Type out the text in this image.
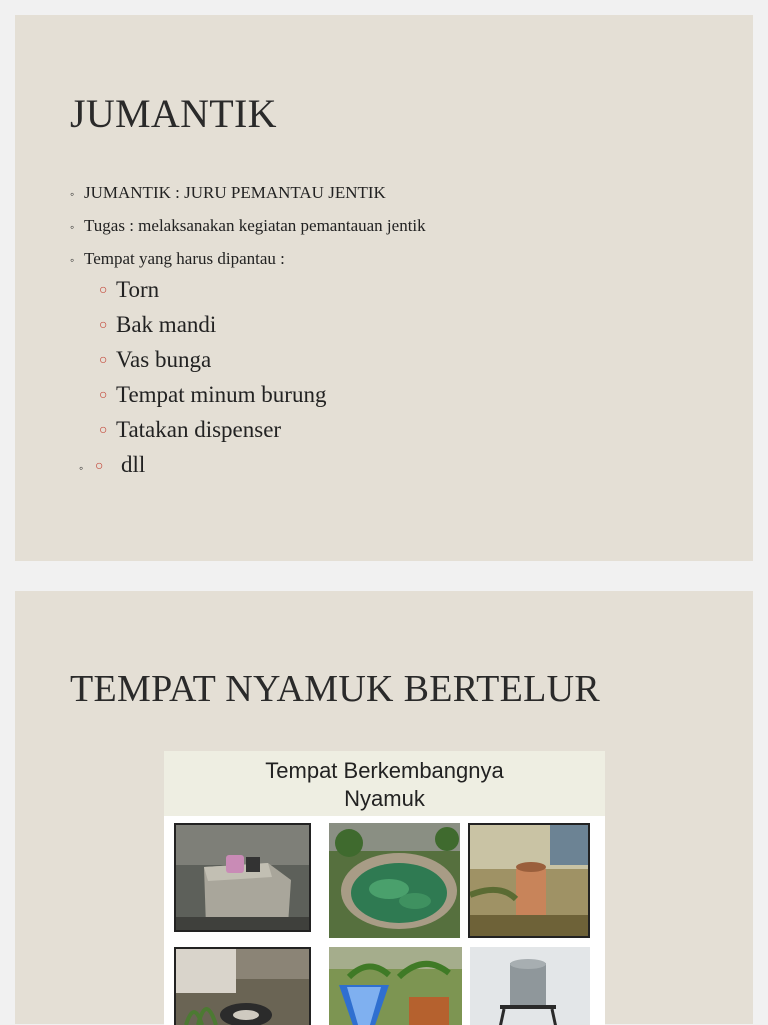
JUMANTIK
◦ JUMANTIK : JURU PEMANTAU JENTIK
◦ Tugas : melaksanakan kegiatan pemantauan jentik
◦ Tempat yang harus dipantau :
○ Torn
○ Bak mandi
○ Vas bunga
○ Tempat minum burung
○ Tatakan dispenser
◦ ○ dll
TEMPAT NYAMUK BERTELUR
Tempat Berkembangnya
Nyamuk
